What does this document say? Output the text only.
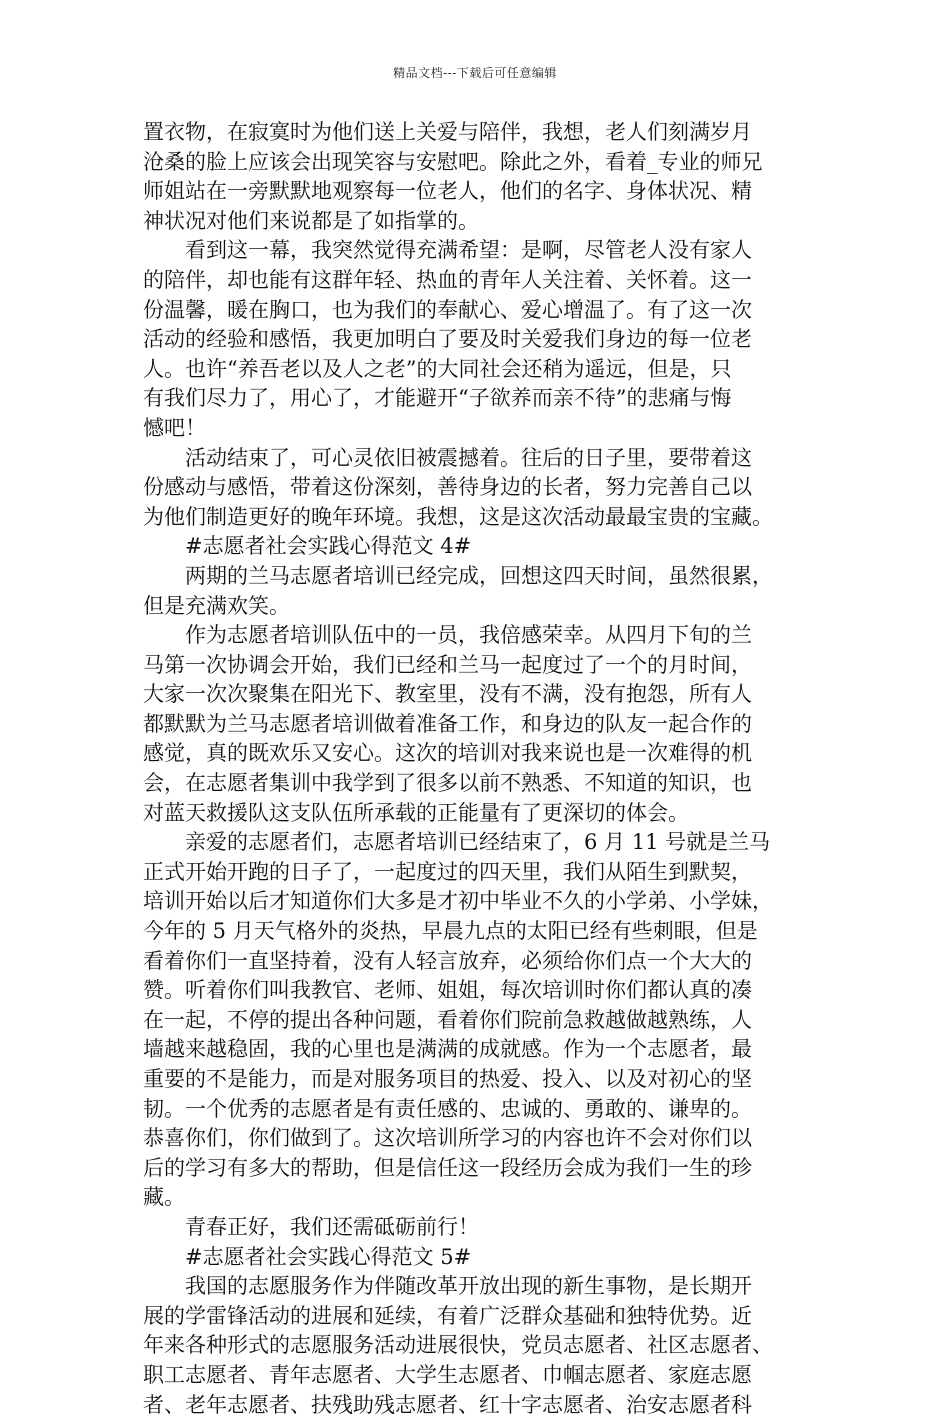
精品文档---下载后可任意编辑
置衣物，在寂寞时为他们送上关爱与陪伴，我想，老人们刻满岁月
沧桑的脸上应该会出现笑容与安慰吧。除此之外，看着_专业的师兄
师姐站在一旁默默地观察每一位老人，他们的名字、身体状况、精
神状况对他们来说都是了如指掌的。
看到这一幕，我突然觉得充满希望：是啊，尽管老人没有家人
的陪伴，却也能有这群年轻、热血的青年人关注着、关怀着。这一
份温馨，暖在胸口，也为我们的奉献心、爱心增温了。有了这一次
活动的经验和感悟，我更加明白了要及时关爱我们身边的每一位老
人。也许“养吾老以及人之老”的大同社会还稍为遥远，但是，只
有我们尽力了，用心了，才能避开“子欲养而亲不待”的悲痛与悔
憾吧！
活动结束了，可心灵依旧被震撼着。往后的日子里，要带着这
份感动与感悟，带着这份深刻，善待身边的长者，努力完善自己以
为他们制造更好的晚年环境。我想，这是这次活动最最宝贵的宝藏。
#志愿者社会实践心得范文 4#
两期的兰马志愿者培训已经完成，回想这四天时间，虽然很累，
但是充满欢笑。
作为志愿者培训队伍中的一员，我倍感荣幸。从四月下旬的兰
马第一次协调会开始，我们已经和兰马一起度过了一个的月时间，
大家一次次聚集在阳光下、教室里，没有不满，没有抱怨，所有人
都默默为兰马志愿者培训做着准备工作，和身边的队友一起合作的
感觉，真的既欢乐又安心。这次的培训对我来说也是一次难得的机
会，在志愿者集训中我学到了很多以前不熟悉、不知道的知识，也
对蓝天救援队这支队伍所承载的正能量有了更深切的体会。
亲爱的志愿者们，志愿者培训已经结束了，6 月 11 号就是兰马
正式开始开跑的日子了，一起度过的四天里，我们从陌生到默契，
培训开始以后才知道你们大多是才初中毕业不久的小学弟、小学妹，
今年的 5 月天气格外的炎热，早晨九点的太阳已经有些刺眼，但是
看着你们一直坚持着，没有人轻言放弃，必须给你们点一个大大的
赞。听着你们叫我教官、老师、姐姐，每次培训时你们都认真的凑
在一起，不停的提出各种问题，看着你们院前急救越做越熟练，人
墙越来越稳固，我的心里也是满满的成就感。作为一个志愿者，最
重要的不是能力，而是对服务项目的热爱、投入、以及对初心的坚
韧。一个优秀的志愿者是有责任感的、忠诚的、勇敢的、谦卑的。
恭喜你们，你们做到了。这次培训所学习的内容也许不会对你们以
后的学习有多大的帮助，但是信任这一段经历会成为我们一生的珍
藏。
青春正好，我们还需砥砺前行！
#志愿者社会实践心得范文 5#
我国的志愿服务作为伴随改革开放出现的新生事物，是长期开
展的学雷锋活动的进展和延续，有着广泛群众基础和独特优势。近
年来各种形式的志愿服务活动进展很快，党员志愿者、社区志愿者、
职工志愿者、青年志愿者、大学生志愿者、巾帼志愿者、家庭志愿
者、老年志愿者、扶残助残志愿者、红十字志愿者、治安志愿者科
